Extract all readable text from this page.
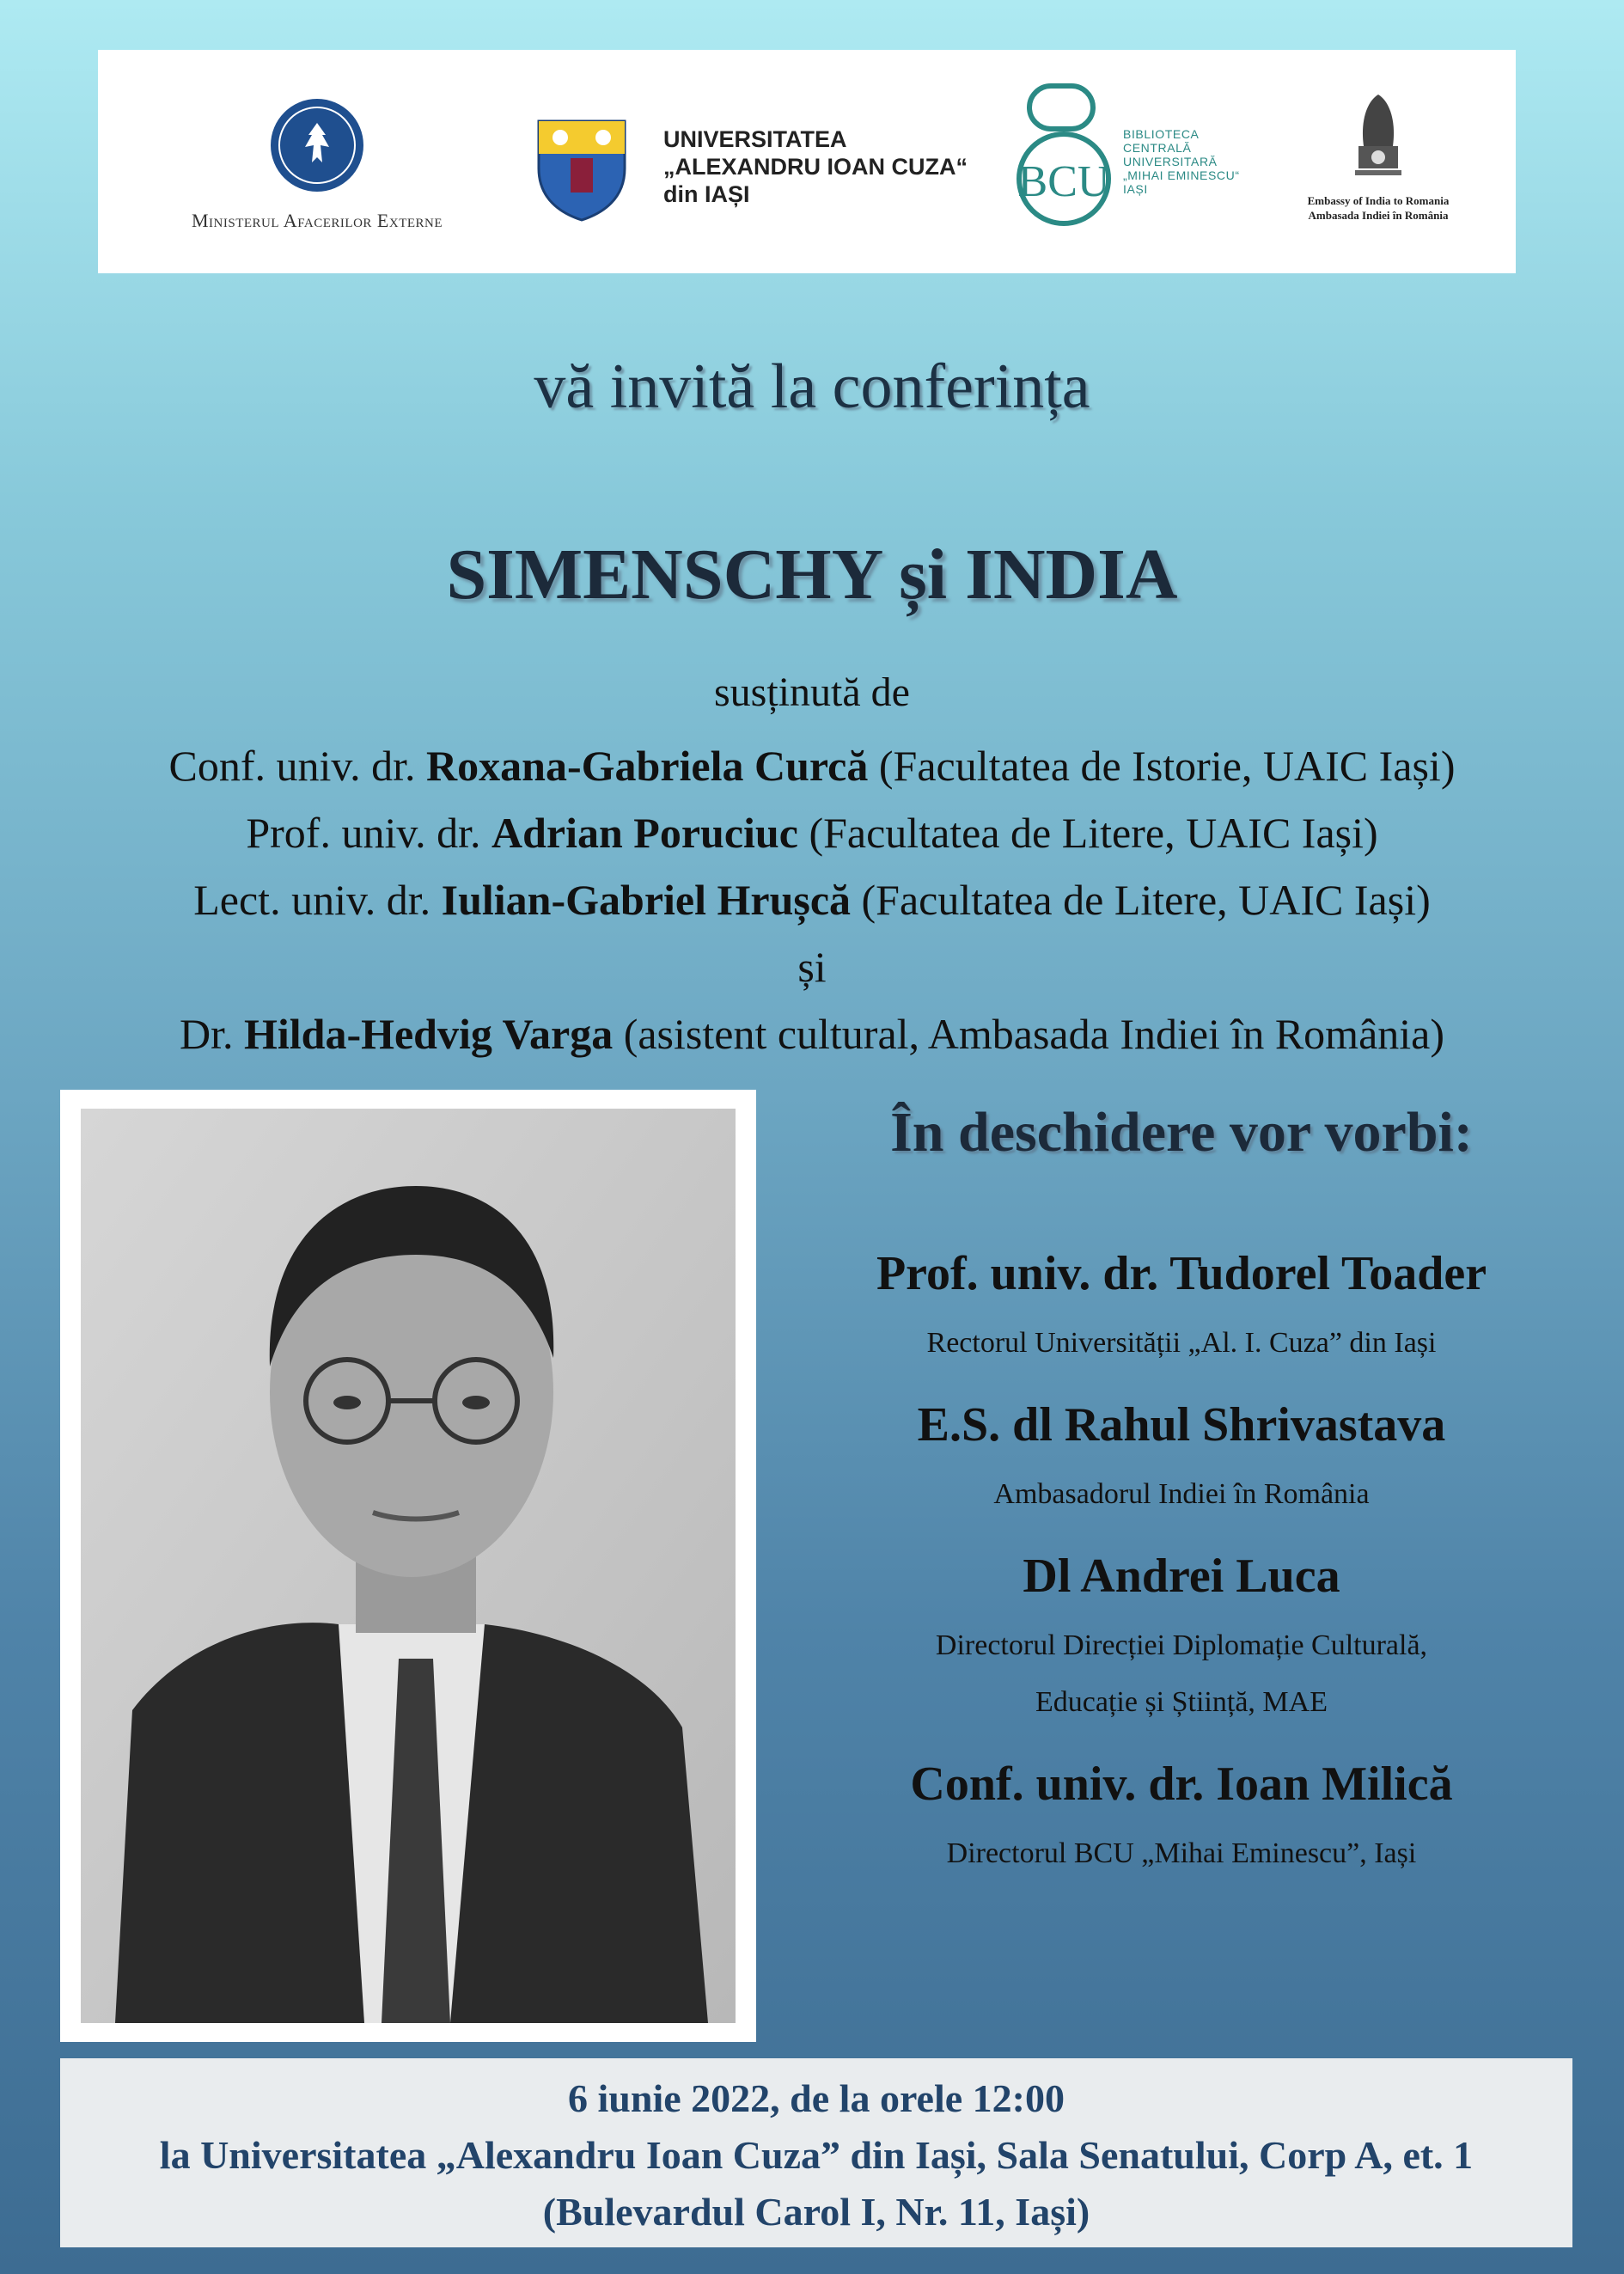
Ministerul Afacerilor Externe
UNIVERSITATEA
„ALEXANDRU IOAN CUZA“
din IAȘI	BCU
BIBLIOTECA
CENTRALĂ
UNIVERSITARĂ
„MIHAI EMINESCU“
IAȘI
Embassy of India to Romania
Ambasada Indiei în România
vă invită la conferința
SIMENSCHY și INDIA
susținută de
Conf. univ. dr. Roxana-Gabriela Curcă (Facultatea de Istorie, UAIC Iași)
Prof. univ. dr. Adrian Poruciuc (Facultatea de Litere, UAIC Iași)
Lect. univ. dr. Iulian-Gabriel Hrușcă (Facultatea de Litere, UAIC Iași)
și
Dr. Hilda-Hedvig Varga (asistent cultural, Ambasada Indiei în România)
În deschidere vor vorbi:
Prof. univ. dr. Tudorel Toader
Rectorul Universității „Al. I. Cuza” din Iași
E.S. dl Rahul Shrivastava
Ambasadorul Indiei în România
Dl Andrei Luca
Directorul Direcției Diplomație Culturală,
Educație și Știință, MAE
Conf. univ. dr. Ioan Milică
Directorul BCU „Mihai Eminescu”, Iași
6 iunie 2022, de la orele 12:00
la Universitatea „Alexandru Ioan Cuza” din Iași, Sala Senatului, Corp A, et. 1
(Bulevardul Carol I, Nr. 11, Iași)
